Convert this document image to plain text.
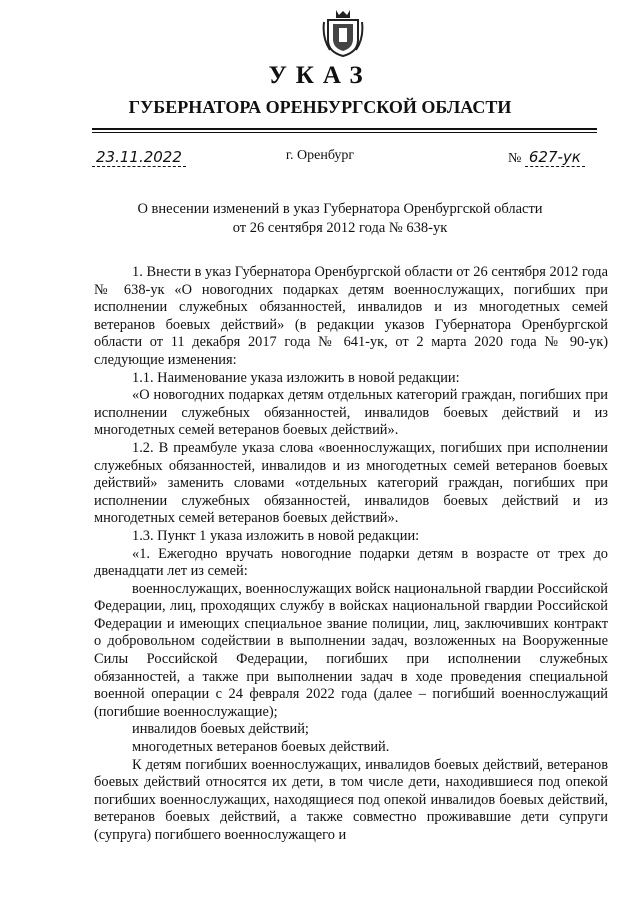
УКАЗ
ГУБЕРНАТОРА ОРЕНБУРГСКОЙ ОБЛАСТИ
23.11.2022	г. Оренбург	№ 627-ук
О внесении изменений в указ Губернатора Оренбургской области
от 26 сентября 2012 года № 638-ук

1. Внести в указ Губернатора Оренбургской области от 26 сентября 2012 года № 638-ук «О новогодних подарках детям военнослужащих, погибших при исполнении служебных обязанностей, инвалидов и из многодетных семей ветеранов боевых действий» (в редакции указов Губернатора Оренбургской области от 11 декабря 2017 года № 641-ук, от 2 марта 2020 года № 90-ук) следующие изменения:

1.1. Наименование указа изложить в новой редакции:

«О новогодних подарках детям отдельных категорий граждан, погибших при исполнении служебных обязанностей, инвалидов боевых действий и из многодетных семей ветеранов боевых действий».

1.2. В преамбуле указа слова «военнослужащих, погибших при исполнении служебных обязанностей, инвалидов и из многодетных семей ветеранов боевых действий» заменить словами «отдельных категорий граждан, погибших при исполнении служебных обязанностей, инвалидов боевых действий и из многодетных семей ветеранов боевых действий».

1.3. Пункт 1 указа изложить в новой редакции:

«1. Ежегодно вручать новогодние подарки детям в возрасте от трех до двенадцати лет из семей:

военнослужащих, военнослужащих войск национальной гвардии Российской Федерации, лиц, проходящих службу в войсках национальной гвардии Российской Федерации и имеющих специальное звание полиции, лиц, заключивших контракт о добровольном содействии в выполнении задач, возложенных на Вооруженные Силы Российской Федерации, погибших при исполнении служебных обязанностей, а также при выполнении задач в ходе проведения специальной военной операции с 24 февраля 2022 года (далее – погибший военнослужащий (погибшие военнослужащие);

инвалидов боевых действий;

многодетных ветеранов боевых действий.

К детям погибших военнослужащих, инвалидов боевых действий, ветеранов боевых действий относятся их дети, в том числе дети, находившиеся под опекой погибших военнослужащих, находящиеся под опекой инвалидов боевых действий, ветеранов боевых действий, а также совместно проживавшие дети супруги (супруга) погибшего военнослужащего и
